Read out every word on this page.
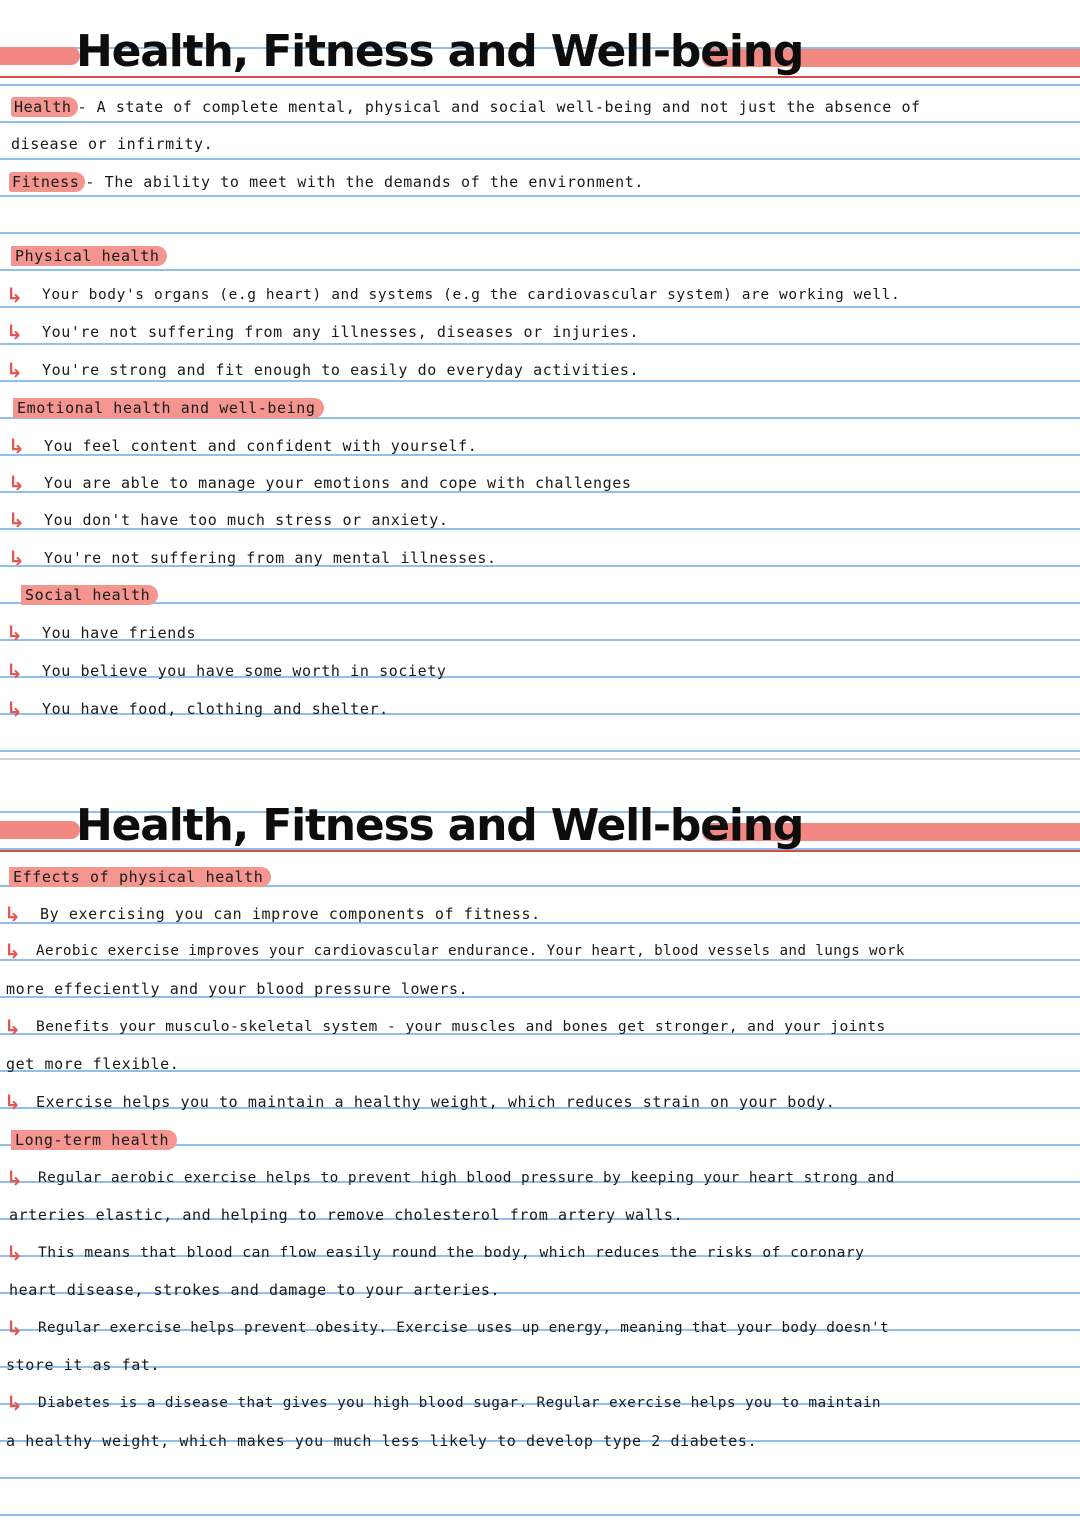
Health, Fitness and Well-being
Health - A state of complete mental, physical and social well-being and not just the absence of
disease or infirmity.
Fitness - The ability to meet with the demands of the environment.
Physical health
↳ Your body's organs (e.g heart) and systems (e.g the cardiovascular system) are working well.
↳ You're not suffering from any illnesses, diseases or injuries.
↳ You're strong and fit enough to easily do everyday activities.
Emotional health and well-being
↳ You feel content and confident with yourself.
↳ You are able to manage your emotions and cope with challenges
↳ You don't have too much stress or anxiety.
↳ You're not suffering from any mental illnesses.
Social health
↳ You have friends
↳ You believe you have some worth in society
↳ You have food, clothing and shelter.
Health, Fitness and Well-being
Effects of physical health
↳ By exercising you can improve components of fitness.
↳ Aerobic exercise improves your cardiovascular endurance. Your heart, blood vessels and lungs work
more effeciently and your blood pressure lowers.
↳ Benefits your musculo-skeletal system - your muscles and bones get stronger, and your joints
get more flexible.
↳ Exercise helps you to maintain a healthy weight, which reduces strain on your body.
Long-term health
↳ Regular aerobic exercise helps to prevent high blood pressure by keeping your heart strong and
arteries elastic, and helping to remove cholesterol from artery walls.
↳ This means that blood can flow easily round the body, which reduces the risks of coronary
heart disease, strokes and damage to your arteries.
↳ Regular exercise helps prevent obesity. Exercise uses up energy, meaning that your body doesn't
store it as fat.
↳ Diabetes is a disease that gives you high blood sugar. Regular exercise helps you to maintain
a healthy weight, which makes you much less likely to develop type 2 diabetes.
